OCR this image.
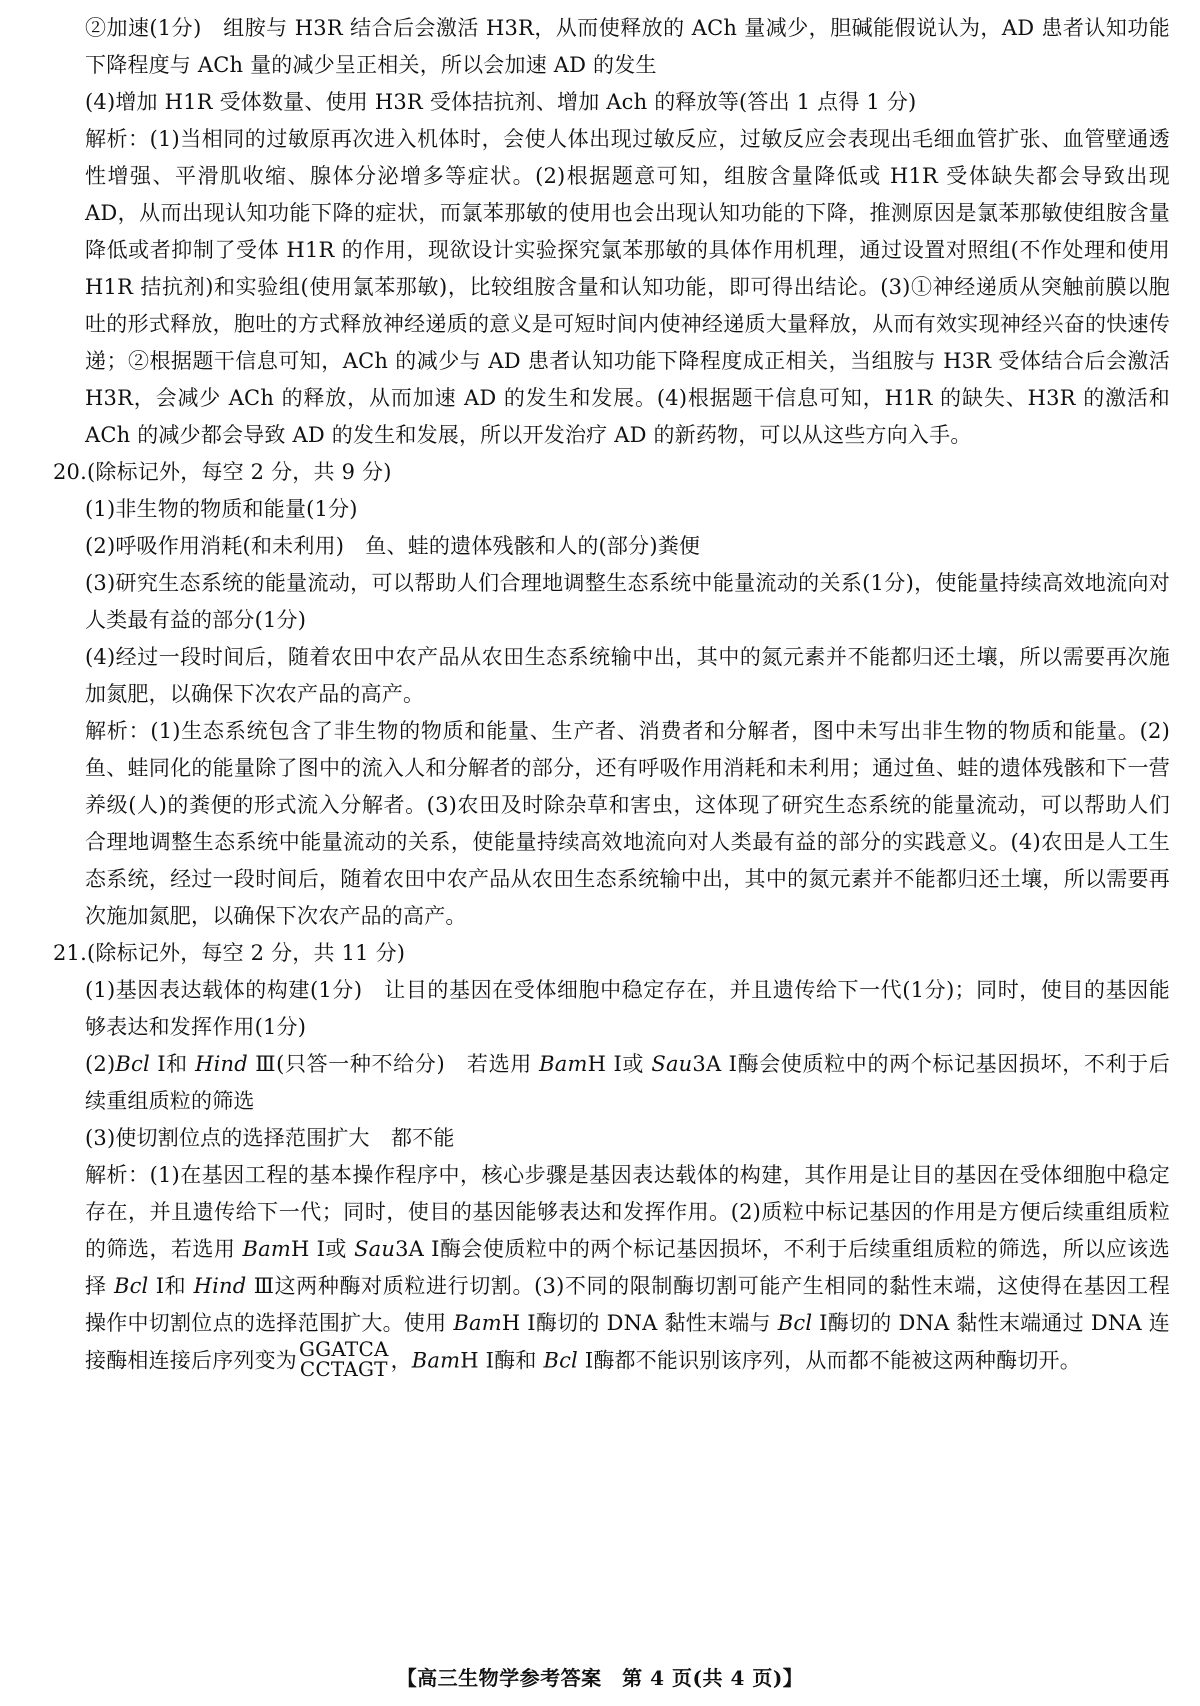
②加速(1分)　组胺与 H3R 结合后会激活 H3R，从而使释放的 ACh 量减少，胆碱能假说认为，AD 患者认知功能下降程度与 ACh 量的减少呈正相关，所以会加速 AD 的发生

(4)增加 H1R 受体数量、使用 H3R 受体拮抗剂、增加 Ach 的释放等(答出 1 点得 1 分)

解析：(1)当相同的过敏原再次进入机体时，会使人体出现过敏反应，过敏反应会表现出毛细血管扩张、血管壁通透性增强、平滑肌收缩、腺体分泌增多等症状。(2)根据题意可知，组胺含量降低或 H1R 受体缺失都会导致出现 AD，从而出现认知功能下降的症状，而氯苯那敏的使用也会出现认知功能的下降，推测原因是氯苯那敏使组胺含量降低或者抑制了受体 H1R 的作用，现欲设计实验探究氯苯那敏的具体作用机理，通过设置对照组(不作处理和使用 H1R 拮抗剂)和实验组(使用氯苯那敏)，比较组胺含量和认知功能，即可得出结论。(3)①神经递质从突触前膜以胞吐的形式释放，胞吐的方式释放神经递质的意义是可短时间内使神经递质大量释放，从而有效实现神经兴奋的快速传递；②根据题干信息可知，ACh 的减少与 AD 患者认知功能下降程度成正相关，当组胺与 H3R 受体结合后会激活 H3R，会减少 ACh 的释放，从而加速 AD 的发生和发展。(4)根据题干信息可知，H1R 的缺失、H3R 的激活和 ACh 的减少都会导致 AD 的发生和发展，所以开发治疗 AD 的新药物，可以从这些方向入手。

20.(除标记外，每空 2 分，共 9 分)

(1)非生物的物质和能量(1分)

(2)呼吸作用消耗(和未利用)　鱼、蛙的遗体残骸和人的(部分)粪便

(3)研究生态系统的能量流动，可以帮助人们合理地调整生态系统中能量流动的关系(1分)，使能量持续高效地流向对人类最有益的部分(1分)

(4)经过一段时间后，随着农田中农产品从农田生态系统输中出，其中的氮元素并不能都归还土壤，所以需要再次施加氮肥，以确保下次农产品的高产。

解析：(1)生态系统包含了非生物的物质和能量、生产者、消费者和分解者，图中未写出非生物的物质和能量。(2)鱼、蛙同化的能量除了图中的流入人和分解者的部分，还有呼吸作用消耗和未利用；通过鱼、蛙的遗体残骸和下一营养级(人)的粪便的形式流入分解者。(3)农田及时除杂草和害虫，这体现了研究生态系统的能量流动，可以帮助人们合理地调整生态系统中能量流动的关系，使能量持续高效地流向对人类最有益的部分的实践意义。(4)农田是人工生态系统，经过一段时间后，随着农田中农产品从农田生态系统输中出，其中的氮元素并不能都归还土壤，所以需要再次施加氮肥，以确保下次农产品的高产。

21.(除标记外，每空 2 分，共 11 分)

(1)基因表达载体的构建(1分)　让目的基因在受体细胞中稳定存在，并且遗传给下一代(1分)；同时，使目的基因能够表达和发挥作用(1分)

(2)Bcl Ⅰ和 Hind Ⅲ(只答一种不给分)　若选用 BamH Ⅰ或 Sau3A Ⅰ酶会使质粒中的两个标记基因损坏，不利于后续重组质粒的筛选

(3)使切割位点的选择范围扩大　都不能

解析：(1)在基因工程的基本操作程序中，核心步骤是基因表达载体的构建，其作用是让目的基因在受体细胞中稳定存在，并且遗传给下一代；同时，使目的基因能够表达和发挥作用。(2)质粒中标记基因的作用是方便后续重组质粒的筛选，若选用 BamH Ⅰ或 Sau3A Ⅰ酶会使质粒中的两个标记基因损坏，不利于后续重组质粒的筛选，所以应该选择 Bcl Ⅰ和 Hind Ⅲ这两种酶对质粒进行切割。(3)不同的限制酶切割可能产生相同的黏性末端，这使得在基因工程操作中切割位点的选择范围扩大。使用 BamH Ⅰ酶切的 DNA 黏性末端与 Bcl Ⅰ酶切的 DNA 黏性末端通过 DNA 连接酶相连接后序列变为 GGATCA
CCTAGT ，BamH Ⅰ酶和 Bcl Ⅰ酶都不能识别该序列，从而都不能被这两种酶切开。

【高三生物学参考答案　第 4 页(共 4 页)】
